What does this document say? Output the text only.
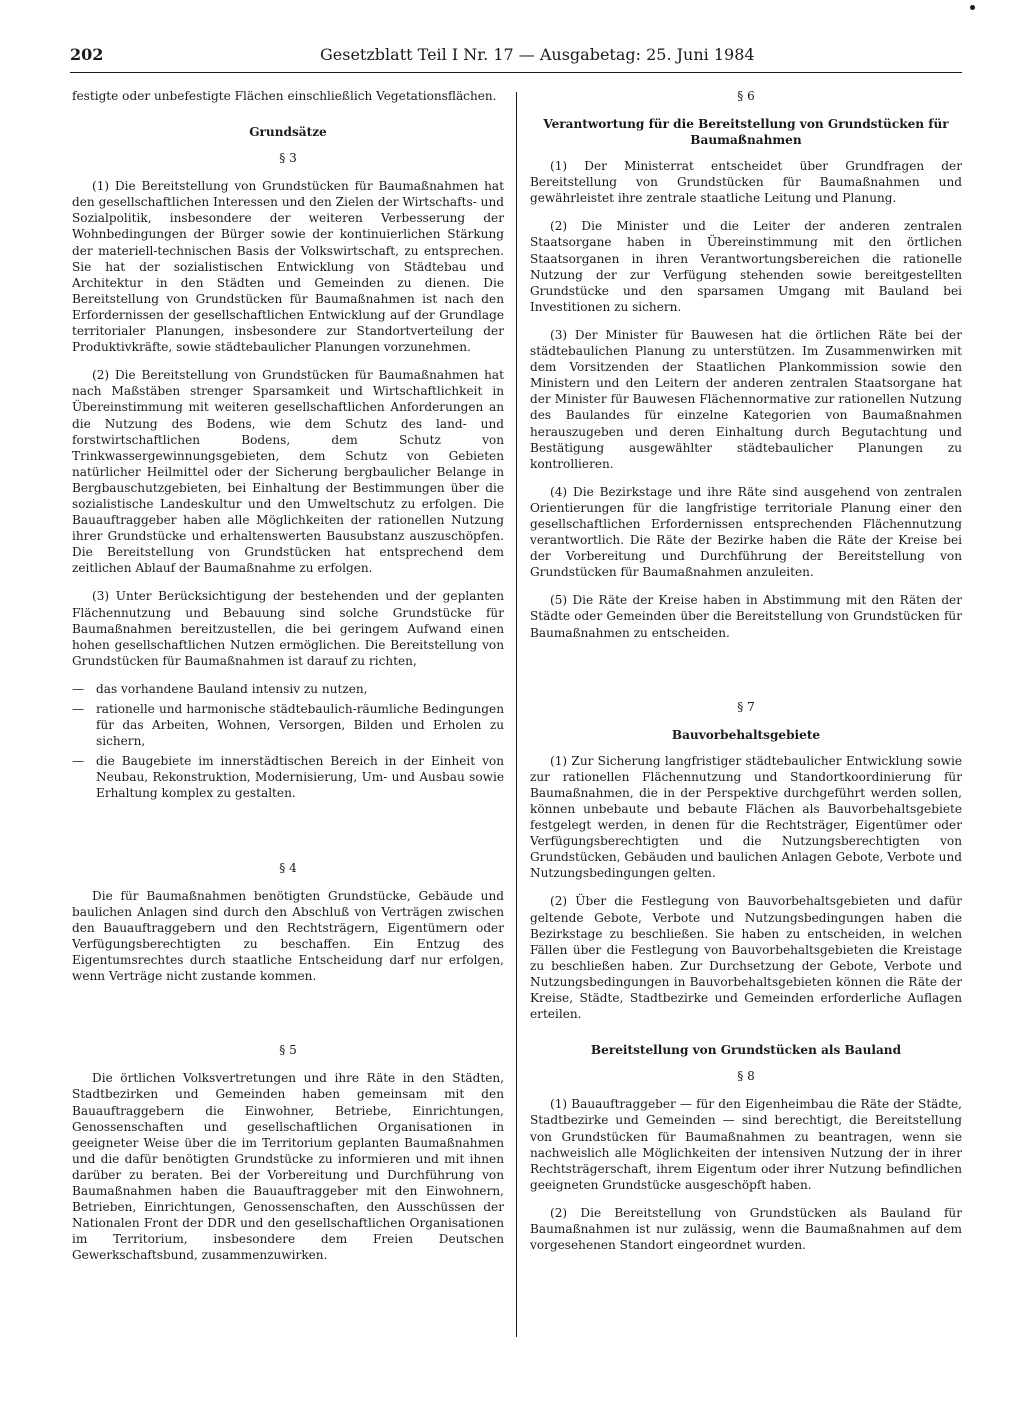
202	Gesetzblatt Teil I Nr. 17 — Ausgabetag: 25. Juni 1984

festigte oder unbefestigte Flächen einschließlich Vegetationsflächen.

Grundsätze
§ 3

(1) Die Bereitstellung von Grundstücken für Baumaßnahmen hat den gesellschaftlichen Interessen und den Zielen der Wirtschafts- und Sozialpolitik, insbesondere der weiteren Verbesserung der Wohnbedingungen der Bürger sowie der kontinuierlichen Stärkung der materiell-technischen Basis der Volkswirtschaft, zu entsprechen. Sie hat der sozialistischen Entwicklung von Städtebau und Architektur in den Städten und Gemeinden zu dienen. Die Bereitstellung von Grundstücken für Baumaßnahmen ist nach den Erfordernissen der gesellschaftlichen Entwicklung auf der Grundlage territorialer Planungen, insbesondere zur Standortverteilung der Produktivkräfte, sowie städtebaulicher Planungen vorzunehmen.

(2) Die Bereitstellung von Grundstücken für Baumaßnahmen hat nach Maßstäben strenger Sparsamkeit und Wirtschaftlichkeit in Übereinstimmung mit weiteren gesellschaftlichen Anforderungen an die Nutzung des Bodens, wie dem Schutz des land- und forstwirtschaftlichen Bodens, dem Schutz von Trinkwassergewinnungsgebieten, dem Schutz von Gebieten natürlicher Heilmittel oder der Sicherung bergbaulicher Belange in Bergbauschutzgebieten, bei Einhaltung der Bestimmungen über die sozialistische Landeskultur und den Umweltschutz zu erfolgen. Die Bauauftraggeber haben alle Möglichkeiten der rationellen Nutzung ihrer Grundstücke und erhaltenswerten Bausubstanz auszuschöpfen. Die Bereitstellung von Grundstücken hat entsprechend dem zeitlichen Ablauf der Baumaßnahme zu erfolgen.

(3) Unter Berücksichtigung der bestehenden und der geplanten Flächennutzung und Bebauung sind solche Grundstücke für Baumaßnahmen bereitzustellen, die bei geringem Aufwand einen hohen gesellschaftlichen Nutzen ermöglichen. Die Bereitstellung von Grundstücken für Baumaßnahmen ist darauf zu richten,

— das vorhandene Bauland intensiv zu nutzen,
— rationelle und harmonische städtebaulich-räumliche Bedingungen für das Arbeiten, Wohnen, Versorgen, Bilden und Erholen zu sichern,
— die Baugebiete im innerstädtischen Bereich in der Einheit von Neubau, Rekonstruktion, Modernisierung, Um- und Ausbau sowie Erhaltung komplex zu gestalten.
§ 4

Die für Baumaßnahmen benötigten Grundstücke, Gebäude und baulichen Anlagen sind durch den Abschluß von Verträgen zwischen den Bauauftraggebern und den Rechtsträgern, Eigentümern oder Verfügungsberechtigten zu beschaffen. Ein Entzug des Eigentumsrechtes durch staatliche Entscheidung darf nur erfolgen, wenn Verträge nicht zustande kommen.

§ 5

Die örtlichen Volksvertretungen und ihre Räte in den Städten, Stadtbezirken und Gemeinden haben gemeinsam mit den Bauauftraggebern die Einwohner, Betriebe, Einrichtungen, Genossenschaften und gesellschaftlichen Organisationen in geeigneter Weise über die im Territorium geplanten Baumaßnahmen und die dafür benötigten Grundstücke zu informieren und mit ihnen darüber zu beraten. Bei der Vorbereitung und Durchführung von Baumaßnahmen haben die Bauauftraggeber mit den Einwohnern, Betrieben, Einrichtungen, Genossenschaften, den Ausschüssen der Nationalen Front der DDR und den gesellschaftlichen Organisationen im Territorium, insbesondere dem Freien Deutschen Gewerkschaftsbund, zusammenzuwirken.

§ 6
Verantwortung für die Bereitstellung von Grundstücken für Baumaßnahmen

(1) Der Ministerrat entscheidet über Grundfragen der Bereitstellung von Grundstücken für Baumaßnahmen und gewährleistet ihre zentrale staatliche Leitung und Planung.

(2) Die Minister und die Leiter der anderen zentralen Staatsorgane haben in Übereinstimmung mit den örtlichen Staatsorganen in ihren Verantwortungsbereichen die rationelle Nutzung der zur Verfügung stehenden sowie bereitgestellten Grundstücke und den sparsamen Umgang mit Bauland bei Investitionen zu sichern.

(3) Der Minister für Bauwesen hat die örtlichen Räte bei der städtebaulichen Planung zu unterstützen. Im Zusammenwirken mit dem Vorsitzenden der Staatlichen Plankommission sowie den Ministern und den Leitern der anderen zentralen Staatsorgane hat der Minister für Bauwesen Flächennormative zur rationellen Nutzung des Baulandes für einzelne Kategorien von Baumaßnahmen herauszugeben und deren Einhaltung durch Begutachtung und Bestätigung ausgewählter städtebaulicher Planungen zu kontrollieren.

(4) Die Bezirkstage und ihre Räte sind ausgehend von zentralen Orientierungen für die langfristige territoriale Planung einer den gesellschaftlichen Erfordernissen entsprechenden Flächennutzung verantwortlich. Die Räte der Bezirke haben die Räte der Kreise bei der Vorbereitung und Durchführung der Bereitstellung von Grundstücken für Baumaßnahmen anzuleiten.

(5) Die Räte der Kreise haben in Abstimmung mit den Räten der Städte oder Gemeinden über die Bereitstellung von Grundstücken für Baumaßnahmen zu entscheiden.

§ 7
Bauvorbehaltsgebiete

(1) Zur Sicherung langfristiger städtebaulicher Entwicklung sowie zur rationellen Flächennutzung und Standortkoordinierung für Baumaßnahmen, die in der Perspektive durchgeführt werden sollen, können unbebaute und bebaute Flächen als Bauvorbehaltsgebiete festgelegt werden, in denen für die Rechtsträger, Eigentümer oder Verfügungsberechtigten und die Nutzungsberechtigten von Grundstücken, Gebäuden und baulichen Anlagen Gebote, Verbote und Nutzungsbedingungen gelten.

(2) Über die Festlegung von Bauvorbehaltsgebieten und dafür geltende Gebote, Verbote und Nutzungsbedingungen haben die Bezirkstage zu beschließen. Sie haben zu entscheiden, in welchen Fällen über die Festlegung von Bauvorbehaltsgebieten die Kreistage zu beschließen haben. Zur Durchsetzung der Gebote, Verbote und Nutzungsbedingungen in Bauvorbehaltsgebieten können die Räte der Kreise, Städte, Stadtbezirke und Gemeinden erforderliche Auflagen erteilen.

Bereitstellung von Grundstücken als Bauland
§ 8

(1) Bauauftraggeber — für den Eigenheimbau die Räte der Städte, Stadtbezirke und Gemeinden — sind berechtigt, die Bereitstellung von Grundstücken für Baumaßnahmen zu beantragen, wenn sie nachweislich alle Möglichkeiten der intensiven Nutzung der in ihrer Rechtsträgerschaft, ihrem Eigentum oder ihrer Nutzung befindlichen geeigneten Grundstücke ausgeschöpft haben.

(2) Die Bereitstellung von Grundstücken als Bauland für Baumaßnahmen ist nur zulässig, wenn die Baumaßnahmen auf dem vorgesehenen Standort eingeordnet wurden.
